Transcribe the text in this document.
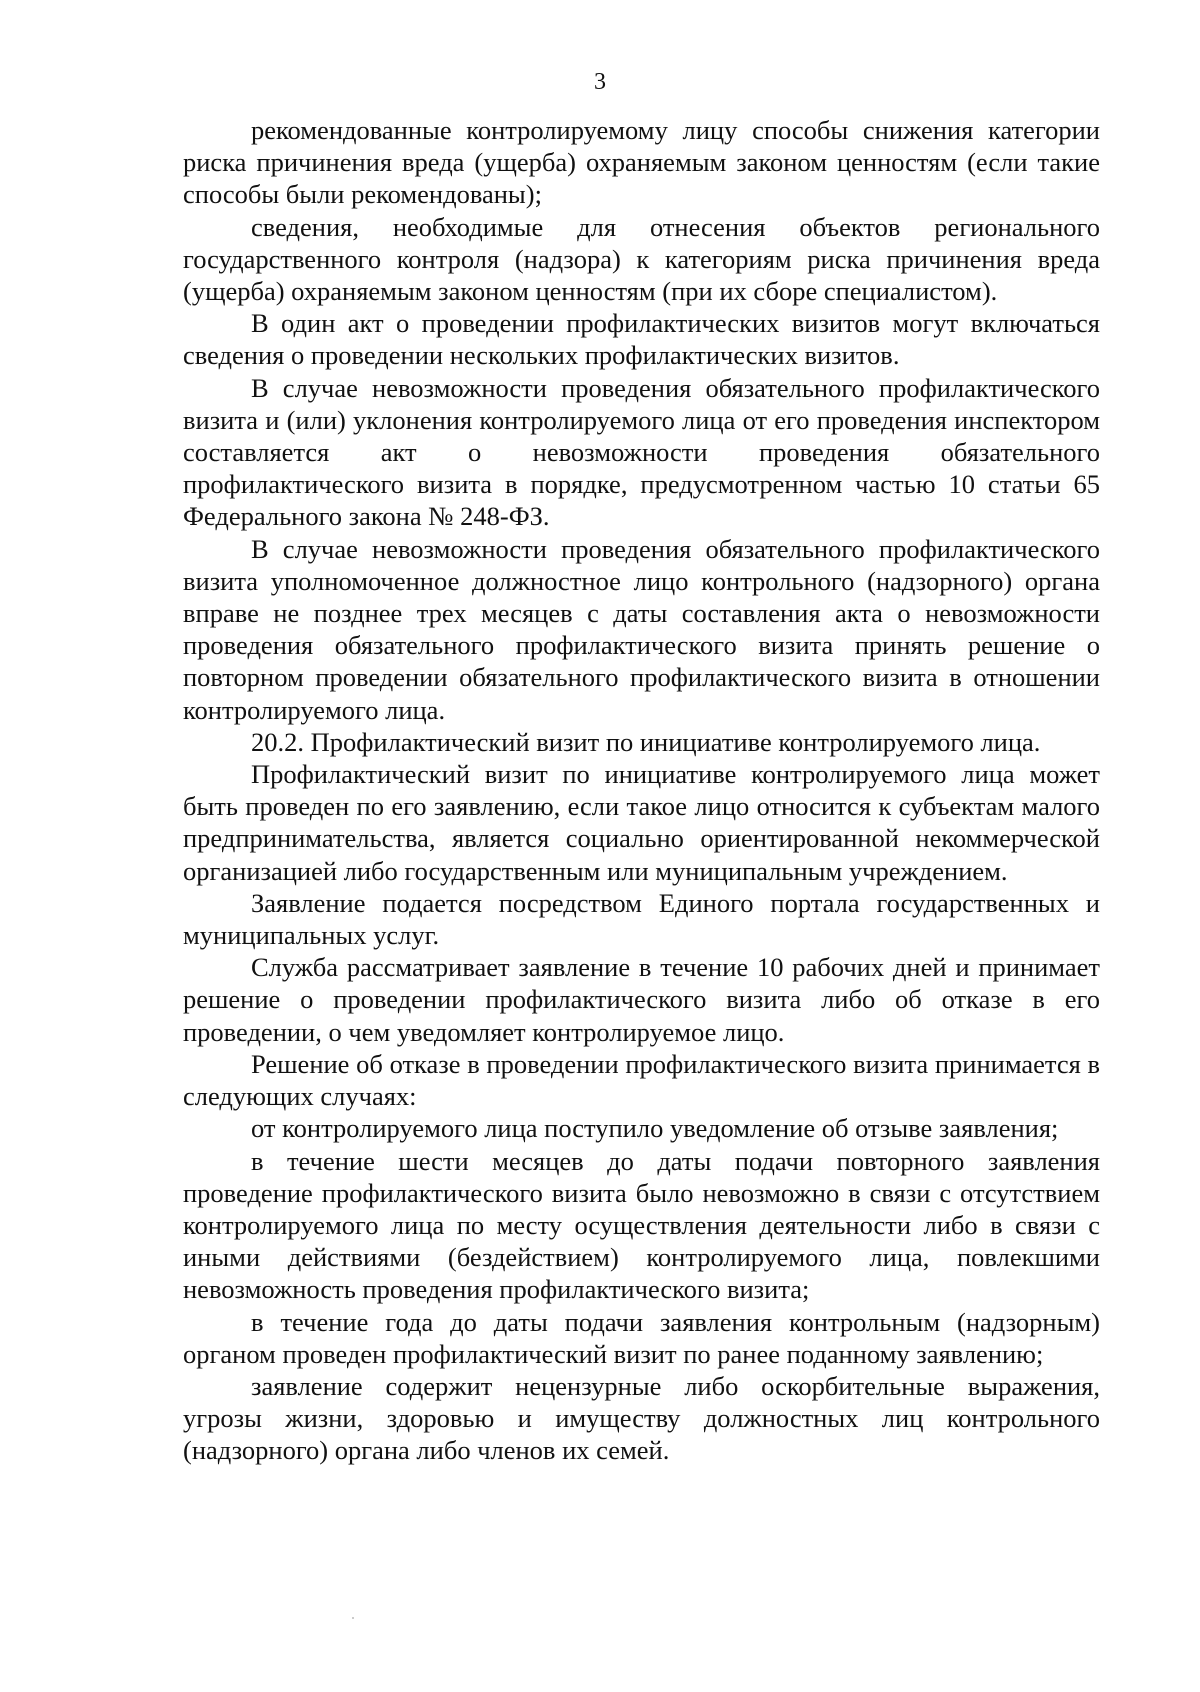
3

рекомендованные контролируемому лицу способы снижения категории риска причинения вреда (ущерба) охраняемым законом ценностям (если такие способы были рекомендованы);

сведения, необходимые для отнесения объектов регионального государственного контроля (надзора) к категориям риска причинения вреда (ущерба) охраняемым законом ценностям (при их сборе специалистом).

В один акт о проведении профилактических визитов могут включаться сведения о проведении нескольких профилактических визитов.

В случае невозможности проведения обязательного профилактического визита и (или) уклонения контролируемого лица от его проведения инспектором составляется акт о невозможности проведения обязательного профилактического визита в порядке, предусмотренном частью 10 статьи 65 Федерального закона № 248-ФЗ.

В случае невозможности проведения обязательного профилактического визита уполномоченное должностное лицо контрольного (надзорного) органа вправе не позднее трех месяцев с даты составления акта о невозможности проведения обязательного профилактического визита принять решение о повторном проведении обязательного профилактического визита в отношении контролируемого лица.

20.2. Профилактический визит по инициативе контролируемого лица.

Профилактический визит по инициативе контролируемого лица может быть проведен по его заявлению, если такое лицо относится к субъектам малого предпринимательства, является социально ориентированной некоммерческой организацией либо государственным или муниципальным учреждением.

Заявление подается посредством Единого портала государственных и муниципальных услуг.

Служба рассматривает заявление в течение 10 рабочих дней и принимает решение о проведении профилактического визита либо об отказе в его проведении, о чем уведомляет контролируемое лицо.

Решение об отказе в проведении профилактического визита принимается в следующих случаях:

от контролируемого лица поступило уведомление об отзыве заявления;

в течение шести месяцев до даты подачи повторного заявления проведение профилактического визита было невозможно в связи с отсутствием контролируемого лица по месту осуществления деятельности либо в связи с иными действиями (бездействием) контролируемого лица, повлекшими невозможность проведения профилактического визита;

в течение года до даты подачи заявления контрольным (надзорным) органом проведен профилактический визит по ранее поданному заявлению;

заявление содержит нецензурные либо оскорбительные выражения, угрозы жизни, здоровью и имуществу должностных лиц контрольного (надзорного) органа либо членов их семей.
